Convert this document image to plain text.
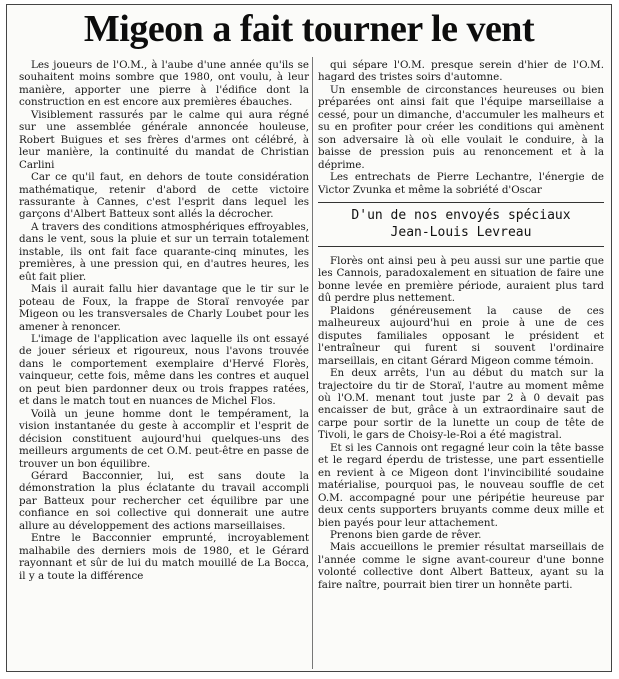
Migeon a fait tourner le vent

Les joueurs de l'O.M., à l'aube d'une année qu'ils se souhaitent moins sombre que 1980, ont voulu, à leur manière, apporter une pierre à l'édifice dont la construction en est encore aux premières ébauches.

Visiblement rassurés par le calme qui aura régné sur une assemblée générale annoncée houleuse, Robert Buigues et ses frères d'armes ont célébré, à leur manière, la continuité du mandat de Christian Carlini

Car ce qu'il faut, en dehors de toute considération mathématique, retenir d'abord de cette victoire rassurante à Cannes, c'est l'esprit dans lequel les garçons d'Albert Batteux sont allés la décrocher.

A travers des conditions atmosphériques effroyables, dans le vent, sous la pluie et sur un terrain totalement instable, ils ont fait face quarante-cinq minutes, les premières, à une pression qui, en d'autres heures, les eût fait plier.

Mais il aurait fallu hier davantage que le tir sur le poteau de Foux, la frappe de Storaï renvoyée par Migeon ou les transversales de Charly Loubet pour les amener à renoncer.

L'image de l'application avec laquelle ils ont essayé de jouer sérieux et rigoureux, nous l'avons trouvée dans le comportement exemplaire d'Hervé Florès, vainqueur, cette fois, même dans les contres et auquel on peut bien pardonner deux ou trois frappes ratées, et dans le match tout en nuances de Michel Flos.

Voilà un jeune homme dont le tempérament, la vision instantanée du geste à accomplir et l'esprit de décision constituent aujourd'hui quelques-uns des meilleurs arguments de cet O.M. peut-être en passe de trouver un bon équilibre.

Gérard Bacconnier, lui, est sans doute la démonstration la plus éclatante du travail accompli par Batteux pour rechercher cet équilibre par une confiance en soi collective qui donnerait une autre allure au développement des actions marseillaises.

Entre le Bacconnier emprunté, incroyablement malhabile des derniers mois de 1980, et le Gérard rayonnant et sûr de lui du match mouillé de La Bocca, il y a toute la différence

qui sépare l'O.M. presque serein d'hier de l'O.M. hagard des tristes soirs d'automne.

Un ensemble de circonstances heureuses ou bien préparées ont ainsi fait que l'équipe marseillaise a cessé, pour un dimanche, d'accumuler les malheurs et su en profiter pour créer les conditions qui amènent son adversaire là où elle voulait le conduire, à la baisse de pression puis au renoncement et à la déprime.

Les entrechats de Pierre Lechantre, l'énergie de Victor Zvunka et même la sobriété d'Oscar

D'un de nos envoyés spéciaux
Jean-Louis Levreau

Florès ont ainsi peu à peu aussi sur une partie que les Cannois, paradoxalement en situation de faire une bonne levée en première période, auraient plus tard dû perdre plus nettement.

Plaidons généreusement la cause de ces malheureux aujourd'hui en proie à une de ces disputes familiales opposant le président et l'entraîneur qui furent si souvent l'ordinaire marseillais, en citant Gérard Migeon comme témoin.

En deux arrêts, l'un au début du match sur la trajectoire du tir de Storaï, l'autre au moment même où l'O.M. menant tout juste par 2 à 0 devait pas encaisser de but, grâce à un extraordinaire saut de carpe pour sortir de la lunette un coup de tête de Tivoli, le gars de Choisy-le-Roi a été magistral.

Et si les Cannois ont regagné leur coin la tête basse et le regard éperdu de tristesse, une part essentielle en revient à ce Migeon dont l'invincibilité soudaine matérialise, pourquoi pas, le nouveau souffle de cet O.M. accompagné pour une péripétie heureuse par deux cents supporters bruyants comme deux mille et bien payés pour leur attachement.

Prenons bien garde de rêver.

Mais accueillons le premier résultat marseillais de l'année comme le signe avant-coureur d'une bonne volonté collective dont Albert Batteux, ayant su la faire naître, pourrait bien tirer un honnête parti.
